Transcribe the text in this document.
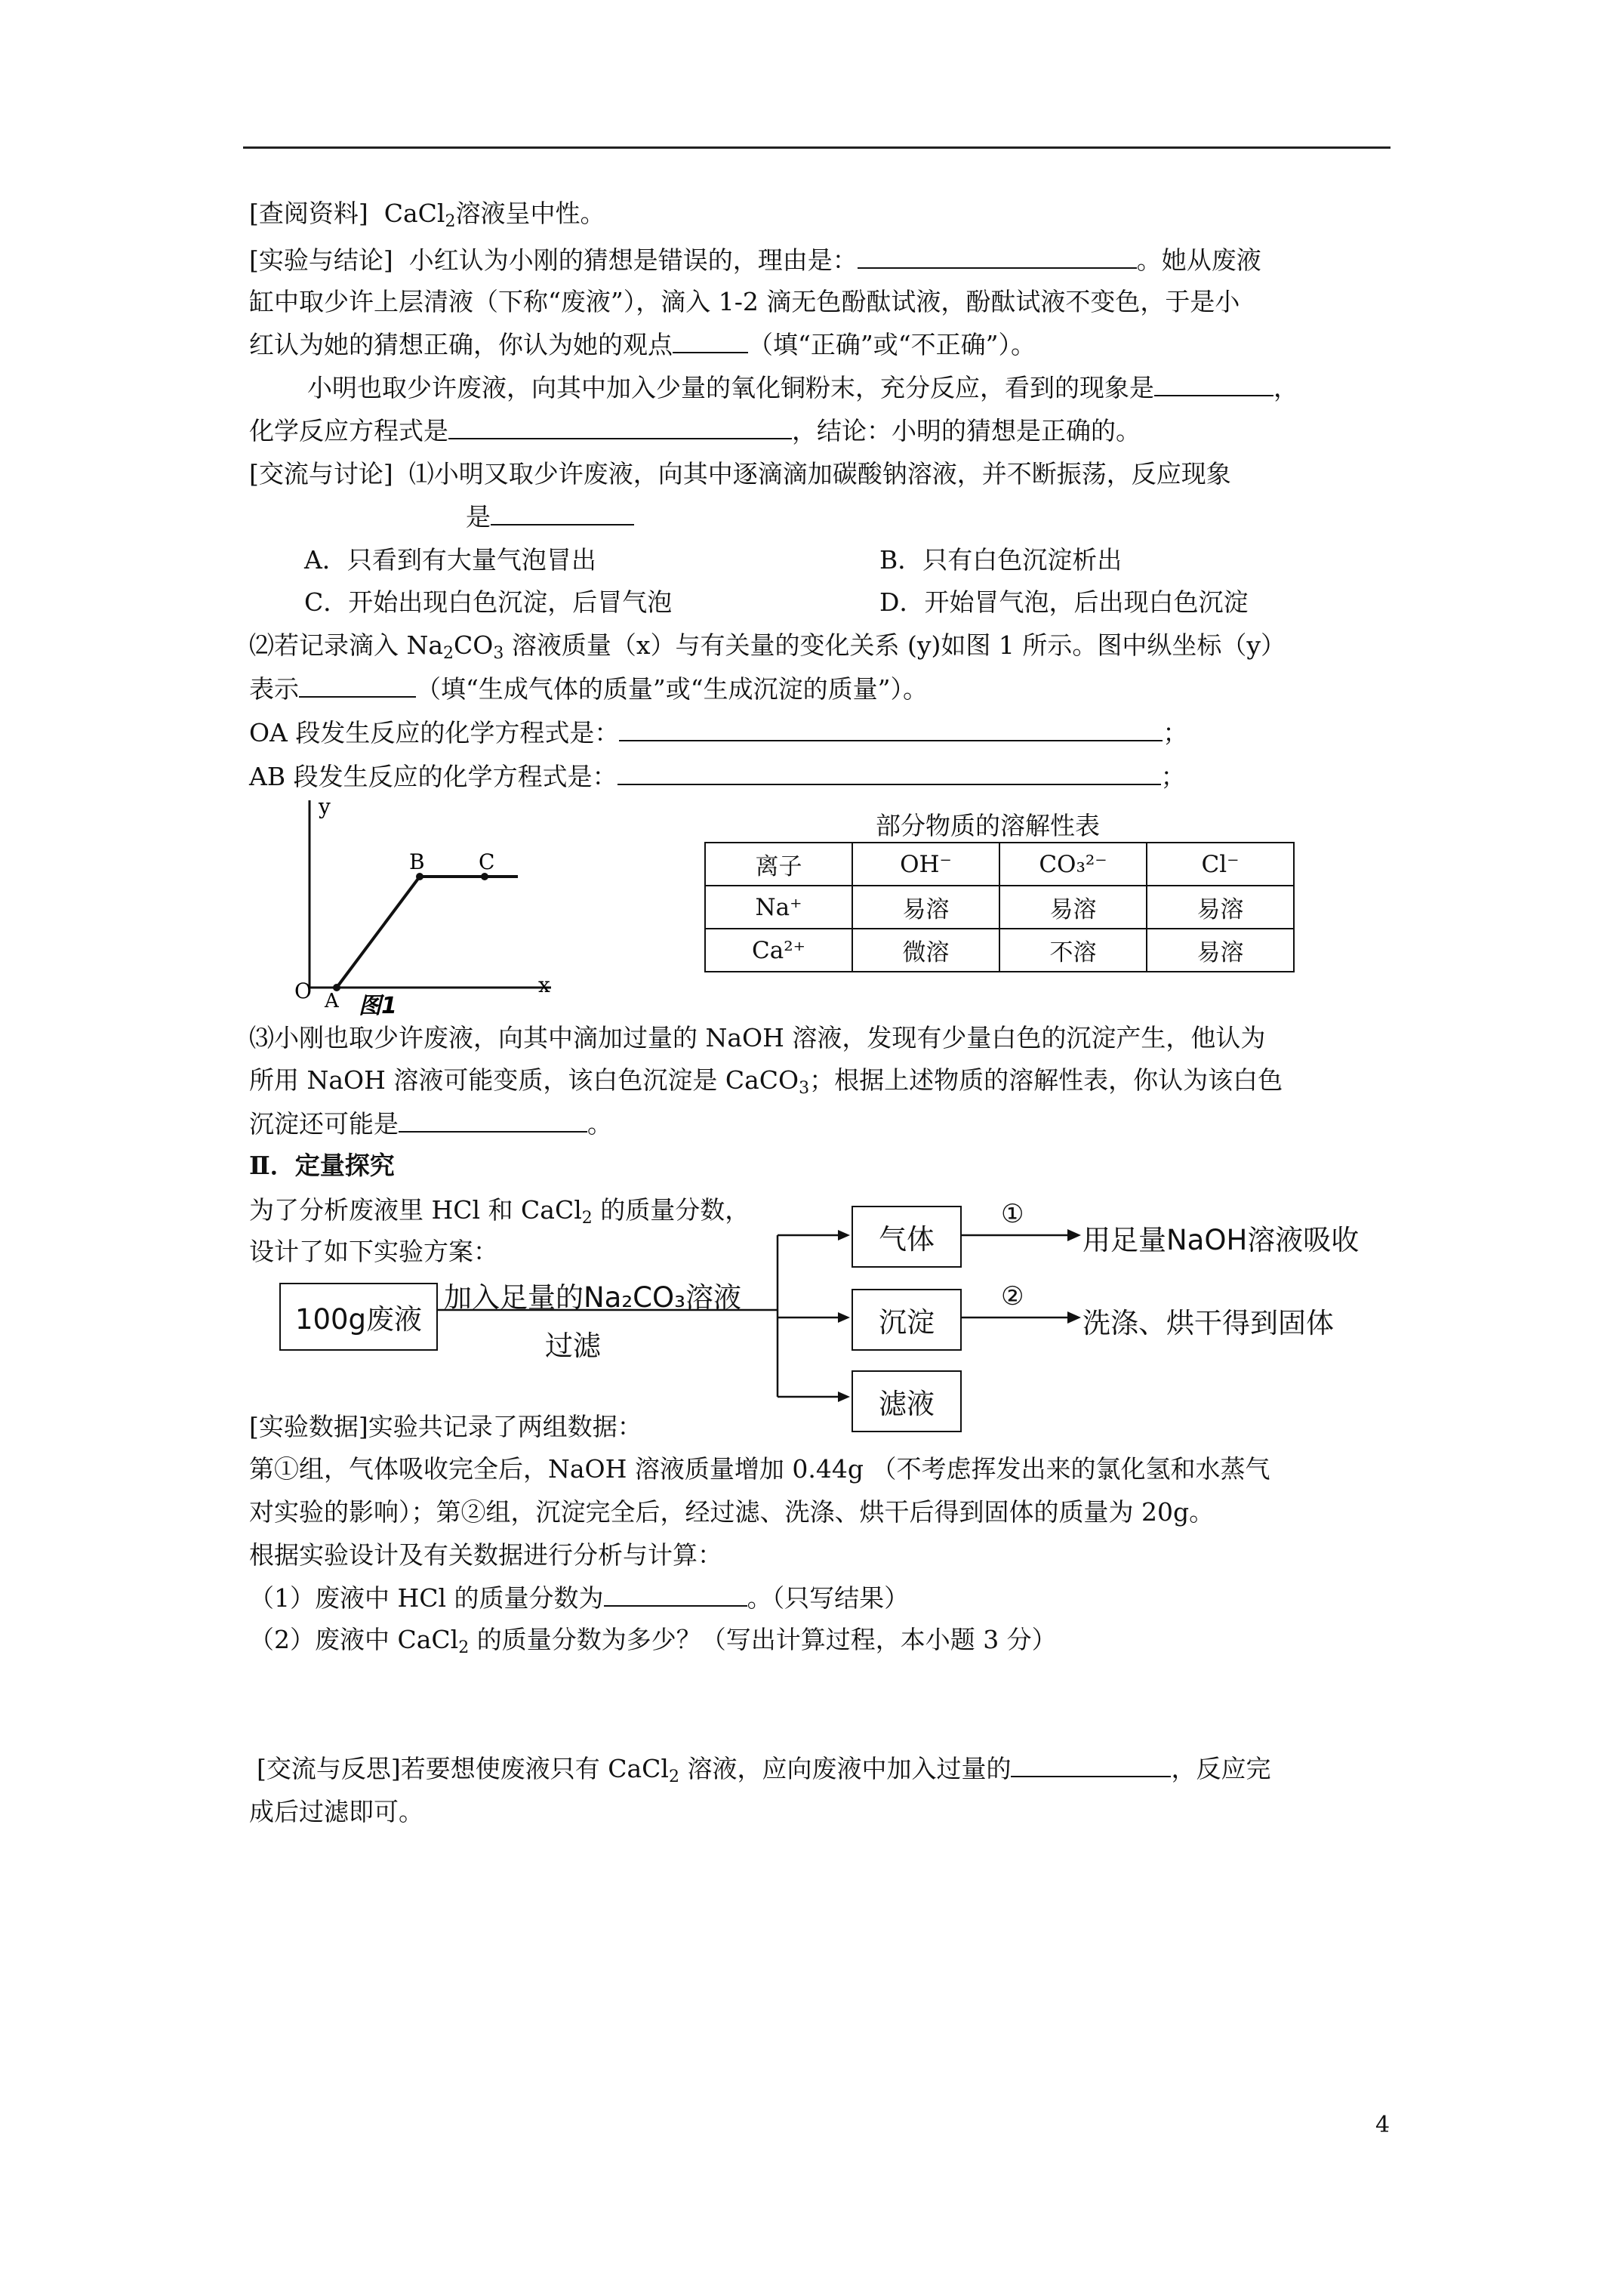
[查阅资料] CaCl$_2$溶液呈中性。
[实验与结论] 小红认为小刚的猜想是错误的，理由是：	。她从废液
缸中取少许上层清液（下称“废液”），滴入 1-2 滴无色酚酞试液，酚酞试液不变色，于是小
红认为她的猜想正确，你认为她的观点	（填“正确”或“不正确”）。
小明也取少许废液，向其中加入少量的氧化铜粉末，充分反应，看到的现象是	，
化学反应方程式是	，结论：小明的猜想是正确的。
[交流与讨论] ⑴小明又取少许废液，向其中逐滴滴加碳酸钠溶液，并不断振荡，反应现象
是
A．只看到有大量气泡冒出	B．只有白色沉淀析出
C．开始出现白色沉淀，后冒气泡	D．开始冒气泡，后出现白色沉淀
⑵若记录滴入 $Na_2CO_3$ 溶液质量（x）与有关量的变化关系 (y)如图 1 所示。图中纵坐标（y）
表示	（填“生成气体的质量”或“生成沉淀的质量”）。
OA 段发生反应的化学方程式是：	；
AB 段发生反应的化学方程式是：	；
y
x
O A
B	C
图1
部分物质的溶解性表
离子	OH⁻	CO₃²⁻	Cl⁻
Na⁺	易溶	易溶	易溶
Ca²⁺	微溶	不溶	易溶
⑶小刚也取少许废液，向其中滴加过量的 NaOH 溶液，发现有少量白色的沉淀产生，他认为
所用 NaOH 溶液可能变质，该白色沉淀是 CaCO$_3$；根据上述物质的溶解性表，你认为该白色
沉淀还可能是	。
Ⅱ．定量探究
为了分析废液里 HCl 和 CaCl$_2$ 的质量分数，
设计了如下实验方案：
100g废液
加入足量的Na₂CO₃溶液
过滤
气体
沉淀
滤液
①
②
用足量NaOH溶液吸收
洗涤、烘干得到固体
[实验数据]实验共记录了两组数据：
第①组，气体吸收完全后，NaOH 溶液质量增加 0.44g （不考虑挥发出来的氯化氢和水蒸气
对实验的影响）；第②组，沉淀完全后，经过滤、洗涤、烘干后得到固体的质量为 20g。
根据实验设计及有关数据进行分析与计算：
（1）废液中 HCl 的质量分数为	。（只写结果）
（2）废液中 CaCl$_2$ 的质量分数为多少？（写出计算过程，本小题 3 分）
[交流与反思]若要想使废液只有 CaCl$_2$ 溶液，应向废液中加入过量的	，反应完
成后过滤即可。
4
